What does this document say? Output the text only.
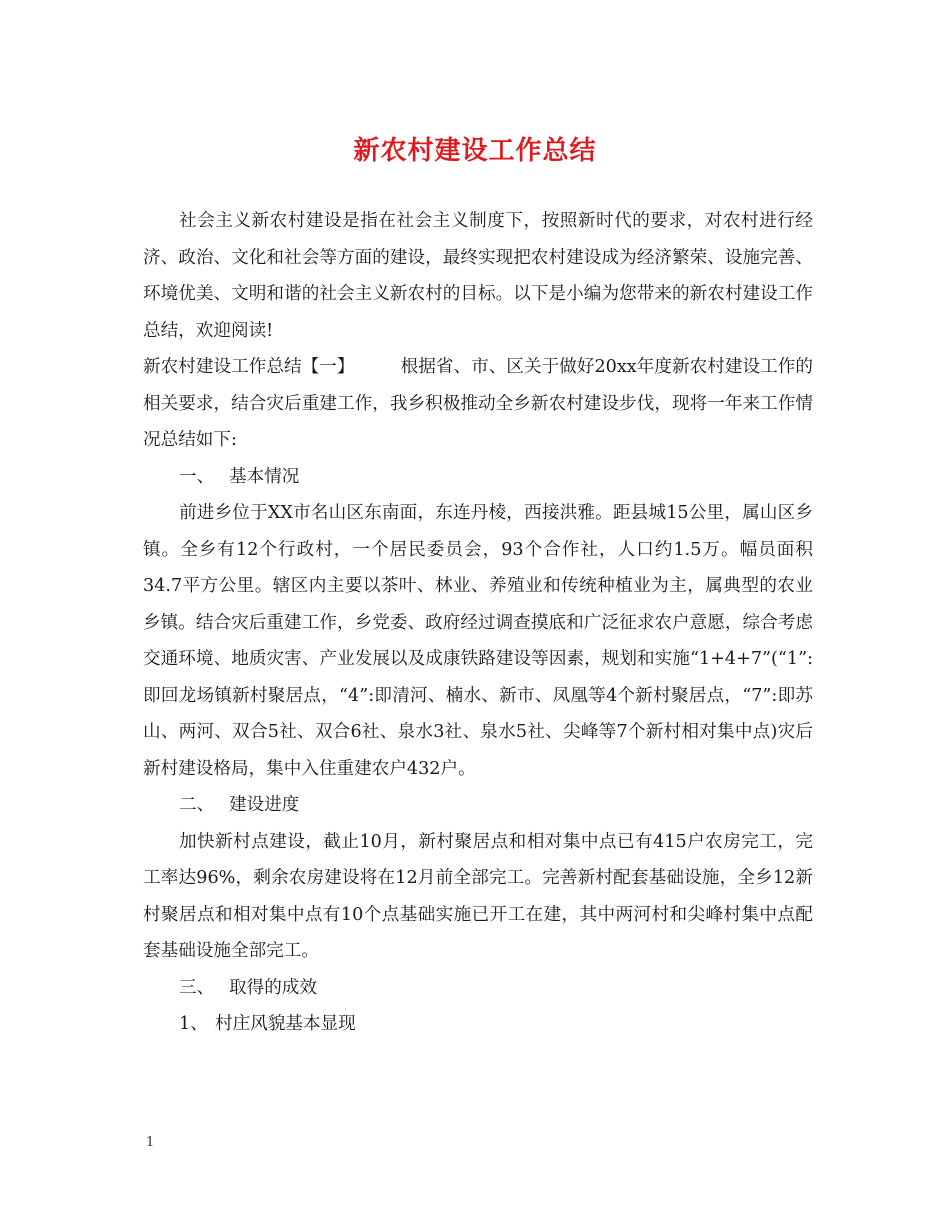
新农村建设工作总结

社会主义新农村建设是指在社会主义制度下，按照新时代的要求，对农村进行经济、政治、文化和社会等方面的建设，最终实现把农村建设成为经济繁荣、设施完善、环境优美、文明和谐的社会主义新农村的目标。以下是小编为您带来的新农村建设工作总结，欢迎阅读!

新农村建设工作总结【一】	根据省、市、区关于做好20xx年度新农村建设工作的相关要求，结合灾后重建工作，我乡积极推动全乡新农村建设步伐，现将一年来工作情况总结如下:

一、 基本情况

前进乡位于XX市名山区东南面，东连丹棱，西接洪雅。距县城15公里，属山区乡镇。全乡有12个行政村，一个居民委员会，93个合作社，人口约1.5万。幅员面积34.7平方公里。辖区内主要以茶叶、林业、养殖业和传统种植业为主，属典型的农业乡镇。结合灾后重建工作，乡党委、政府经过调查摸底和广泛征求农户意愿，综合考虑交通环境、地质灾害、产业发展以及成康铁路建设等因素，规划和实施“1+4+7”(“1”:即回龙场镇新村聚居点，“4”:即清河、楠水、新市、凤凰等4个新村聚居点，“7”:即苏山、两河、双合5社、双合6社、泉水3社、泉水5社、尖峰等7个新村相对集中点)灾后新村建设格局，集中入住重建农户432户。

二、 建设进度

加快新村点建设，截止10月，新村聚居点和相对集中点已有415户农房完工，完工率达96%，剩余农房建设将在12月前全部完工。完善新村配套基础设施，全乡12新村聚居点和相对集中点有10个点基础实施已开工在建，其中两河村和尖峰村集中点配套基础设施全部完工。

三、 取得的成效

1、 村庄风貌基本显现

1
